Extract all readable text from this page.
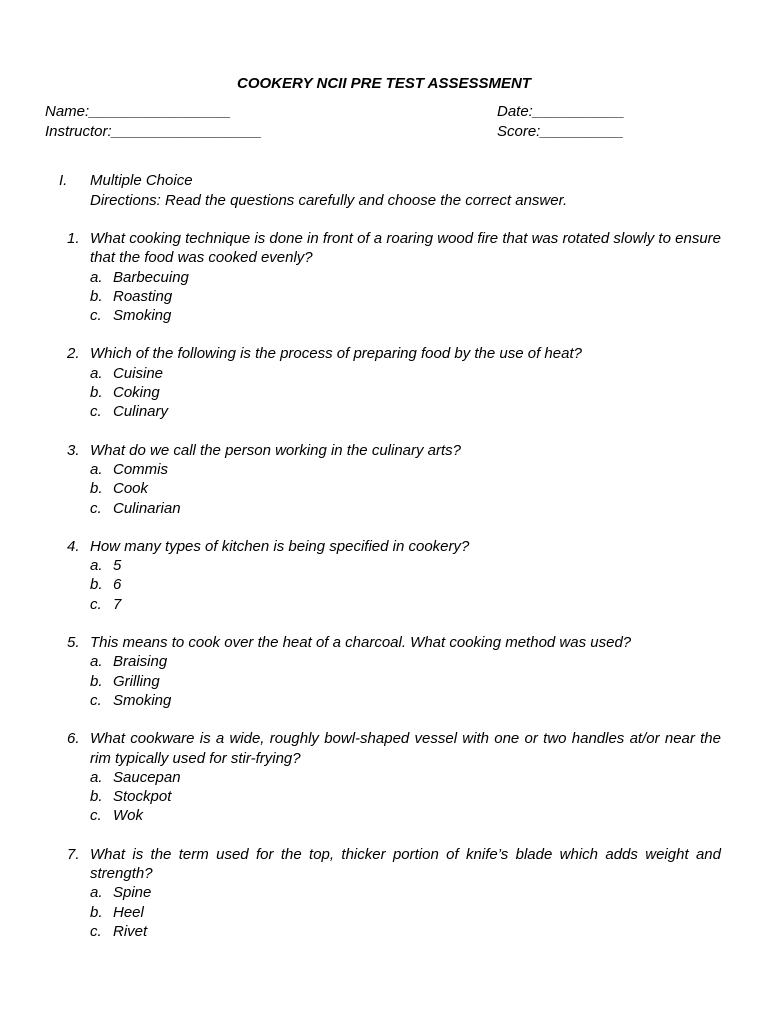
COOKERY NCII PRE TEST ASSESSMENT
Name:_________________	Date:___________
Instructor:__________________	Score:__________
I. Multiple Choice
Directions: Read the questions carefully and choose the correct answer.
1. What cooking technique is done in front of a roaring wood fire that was rotated slowly to ensure that the food was cooked evenly?
a. Barbecuing
b. Roasting
c. Smoking
2. Which of the following is the process of preparing food by the use of heat?
a. Cuisine
b. Coking
c. Culinary
3. What do we call the person working in the culinary arts?
a. Commis
b. Cook
c. Culinarian
4. How many types of kitchen is being specified in cookery?
a. 5
b. 6
c. 7
5. This means to cook over the heat of a charcoal. What cooking method was used?
a. Braising
b. Grilling
c. Smoking
6. What cookware is a wide, roughly bowl-shaped vessel with one or two handles at/or near the rim typically used for stir-frying?
a. Saucepan
b. Stockpot
c. Wok
7. What is the term used for the top, thicker portion of knife’s blade which adds weight and strength?
a. Spine
b. Heel
c. Rivet
